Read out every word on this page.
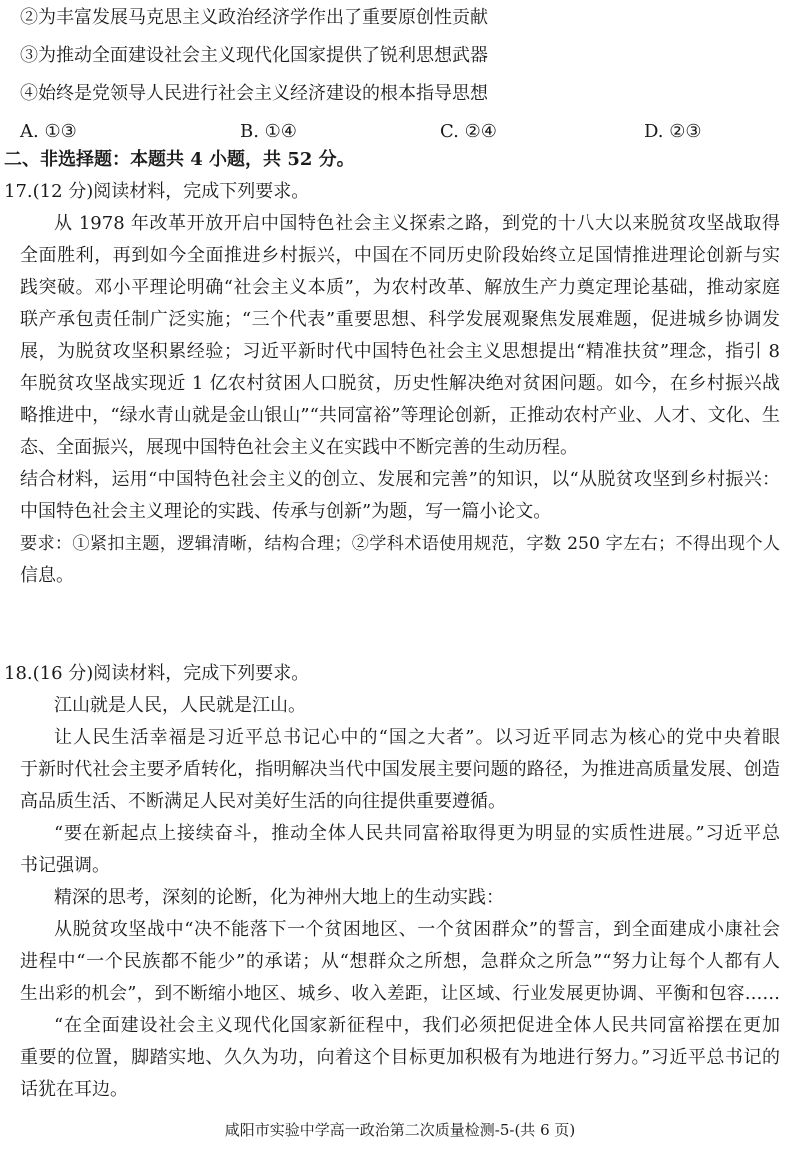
②为丰富发展马克思主义政治经济学作出了重要原创性贡献
③为推动全面建设社会主义现代化国家提供了锐利思想武器
④始终是党领导人民进行社会主义经济建设的根本指导思想
A. ①③	B. ①④	C. ②④	D. ②③
二、非选择题：本题共 4 小题，共 52 分。
17.(12 分)阅读材料，完成下列要求。
从 1978 年改革开放开启中国特色社会主义探索之路，到党的十八大以来脱贫攻坚战取得
全面胜利，再到如今全面推进乡村振兴，中国在不同历史阶段始终立足国情推进理论创新与实
践突破。邓小平理论明确“社会主义本质”，为农村改革、解放生产力奠定理论基础，推动家庭
联产承包责任制广泛实施；“三个代表”重要思想、科学发展观聚焦发展难题，促进城乡协调发
展，为脱贫攻坚积累经验；习近平新时代中国特色社会主义思想提出“精准扶贫”理念，指引 8
年脱贫攻坚战实现近 1 亿农村贫困人口脱贫，历史性解决绝对贫困问题。如今，在乡村振兴战
略推进中，“绿水青山就是金山银山”“共同富裕”等理论创新，正推动农村产业、人才、文化、生
态、全面振兴，展现中国特色社会主义在实践中不断完善的生动历程。
结合材料，运用“中国特色社会主义的创立、发展和完善”的知识，以“从脱贫攻坚到乡村振兴：
中国特色社会主义理论的实践、传承与创新”为题，写一篇小论文。
要求：①紧扣主题，逻辑清晰，结构合理；②学科术语使用规范，字数 250 字左右；不得出现个人
信息。
18.(16 分)阅读材料，完成下列要求。
江山就是人民，人民就是江山。
让人民生活幸福是习近平总书记心中的“国之大者”。以习近平同志为核心的党中央着眼
于新时代社会主要矛盾转化，指明解决当代中国发展主要问题的路径，为推进高质量发展、创造
高品质生活、不断满足人民对美好生活的向往提供重要遵循。
“要在新起点上接续奋斗，推动全体人民共同富裕取得更为明显的实质性进展。”习近平总
书记强调。
精深的思考，深刻的论断，化为神州大地上的生动实践：
从脱贫攻坚战中“决不能落下一个贫困地区、一个贫困群众”的誓言，到全面建成小康社会
进程中“一个民族都不能少”的承诺；从“想群众之所想，急群众之所急”“努力让每个人都有人
生出彩的机会”，到不断缩小地区、城乡、收入差距，让区域、行业发展更协调、平衡和包容……
“在全面建设社会主义现代化国家新征程中，我们必须把促进全体人民共同富裕摆在更加
重要的位置，脚踏实地、久久为功，向着这个目标更加积极有为地进行努力。”习近平总书记的
话犹在耳边。
咸阳市实验中学高一政治第二次质量检测-5-(共 6 页)
